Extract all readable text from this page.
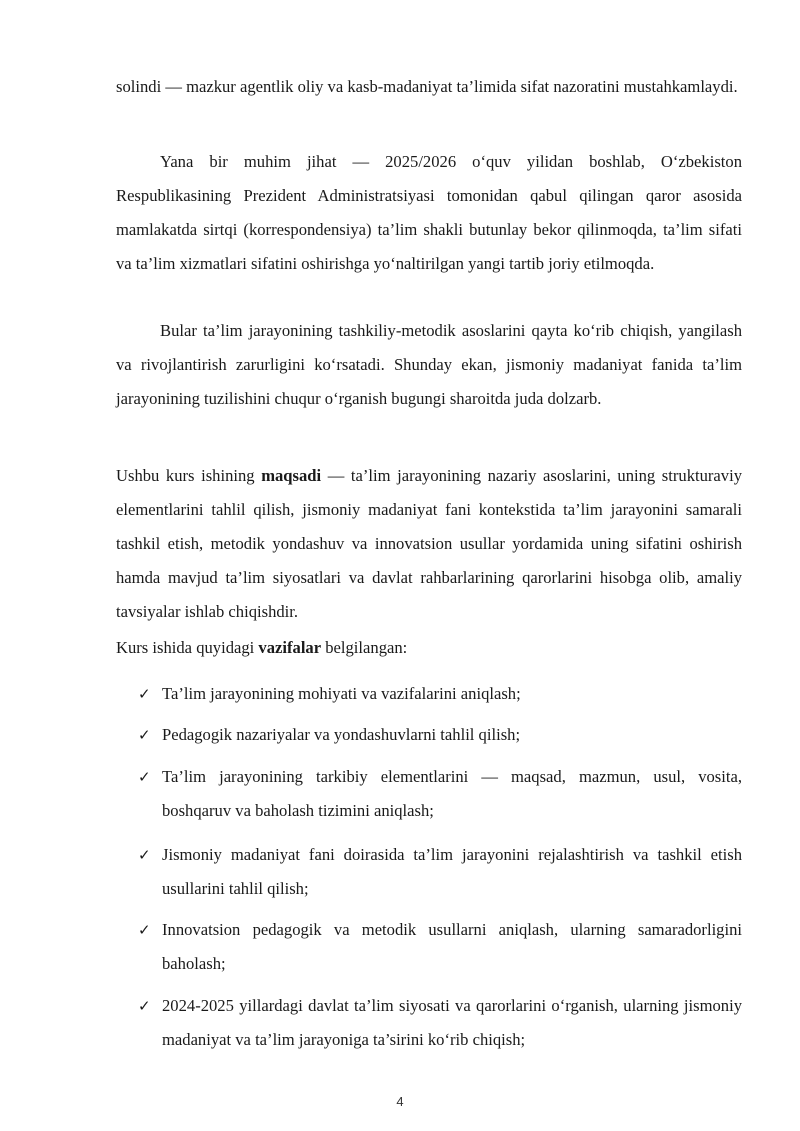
solindi — mazkur agentlik oliy va kasb-madaniyat ta’limida sifat nazoratini mustahkamlaydi.

Yana bir muhim jihat — 2025/2026 o‘quv yilidan boshlab, O‘zbekiston Respublikasining Prezident Administratsiyasi tomonidan qabul qilingan qaror asosida mamlakatda sirtqi (korrespondensiya) ta’lim shakli butunlay bekor qilinmoqda, ta’lim sifati va ta’lim xizmatlari sifatini oshirishga yo‘naltirilgan yangi tartib joriy etilmoqda.

Bular ta’lim jarayonining tashkiliy-metodik asoslarini qayta ko‘rib chiqish, yangilash va rivojlantirish zarurligini ko‘rsatadi. Shunday ekan, jismoniy madaniyat fanida ta’lim jarayonining tuzilishini chuqur o‘rganish bugungi sharoitda juda dolzarb.

Ushbu kurs ishining maqsadi — ta’lim jarayonining nazariy asoslarini, uning strukturaviy elementlarini tahlil qilish, jismoniy madaniyat fani kontekstida ta’lim jarayonini samarali tashkil etish, metodik yondashuv va innovatsion usullar yordamida uning sifatini oshirish hamda mavjud ta’lim siyosatlari va davlat rahbarlarining qarorlarini hisobga olib, amaliy tavsiyalar ishlab chiqishdir.

Kurs ishida quyidagi vazifalar belgilangan:

✓ Ta’lim jarayonining mohiyati va vazifalarini aniqlash;
✓ Pedagogik nazariyalar va yondashuvlarni tahlil qilish;
✓ Ta’lim jarayonining tarkibiy elementlarini — maqsad, mazmun, usul, vosita, boshqaruv va baholash tizimini aniqlash;
✓ Jismoniy madaniyat fani doirasida ta’lim jarayonini rejalashtirish va tashkil etish usullarini tahlil qilish;
✓ Innovatsion pedagogik va metodik usullarni aniqlash, ularning samaradorligini baholash;
✓ 2024-2025 yillardagi davlat ta’lim siyosati va qarorlarini o‘rganish, ularning jismoniy madaniyat va ta’lim jarayoniga ta’sirini ko‘rib chiqish;
4
